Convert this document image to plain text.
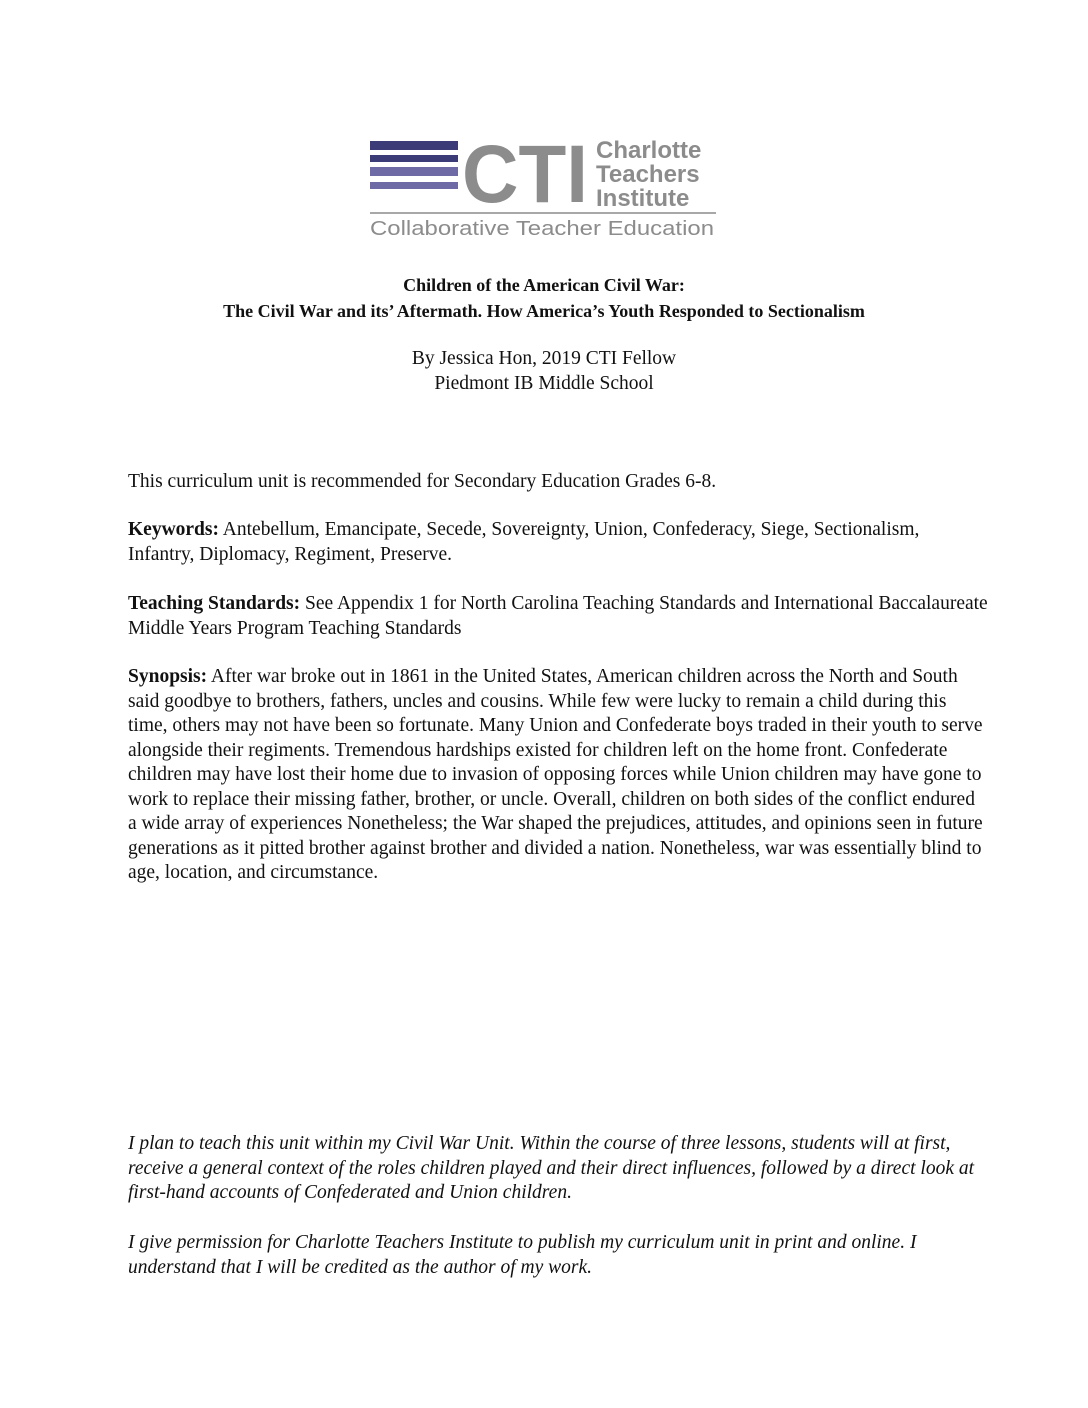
CTI Charlotte
Teachers
Institute
Collaborative Teacher Education
Children of the American Civil War:
The Civil War and its’ Aftermath. How America’s Youth Responded to Sectionalism
By Jessica Hon, 2019 CTI Fellow
Piedmont IB Middle School

This curriculum unit is recommended for Secondary Education Grades 6-8.

Keywords: Antebellum, Emancipate, Secede, Sovereignty, Union, Confederacy, Siege, Sectionalism, Infantry, Diplomacy, Regiment, Preserve.

Teaching Standards: See Appendix 1 for North Carolina Teaching Standards and International Baccalaureate Middle Years Program Teaching Standards

Synopsis: After war broke out in 1861 in the United States, American children across the North and South said goodbye to brothers, fathers, uncles and cousins. While few were lucky to remain a child during this time, others may not have been so fortunate. Many Union and Confederate boys traded in their youth to serve alongside their regiments. Tremendous hardships existed for children left on the home front. Confederate children may have lost their home due to invasion of opposing forces while Union children may have gone to work to replace their missing father, brother, or uncle. Overall, children on both sides of the conflict endured a wide array of experiences Nonetheless; the War shaped the prejudices, attitudes, and opinions seen in future generations as it pitted brother against brother and divided a nation. Nonetheless, war was essentially blind to age, location, and circumstance.

I plan to teach this unit within my Civil War Unit. Within the course of three lessons, students will at first, receive a general context of the roles children played and their direct influences, followed by a direct look at first-hand accounts of Confederated and Union children.

I give permission for Charlotte Teachers Institute to publish my curriculum unit in print and online. I understand that I will be credited as the author of my work.
